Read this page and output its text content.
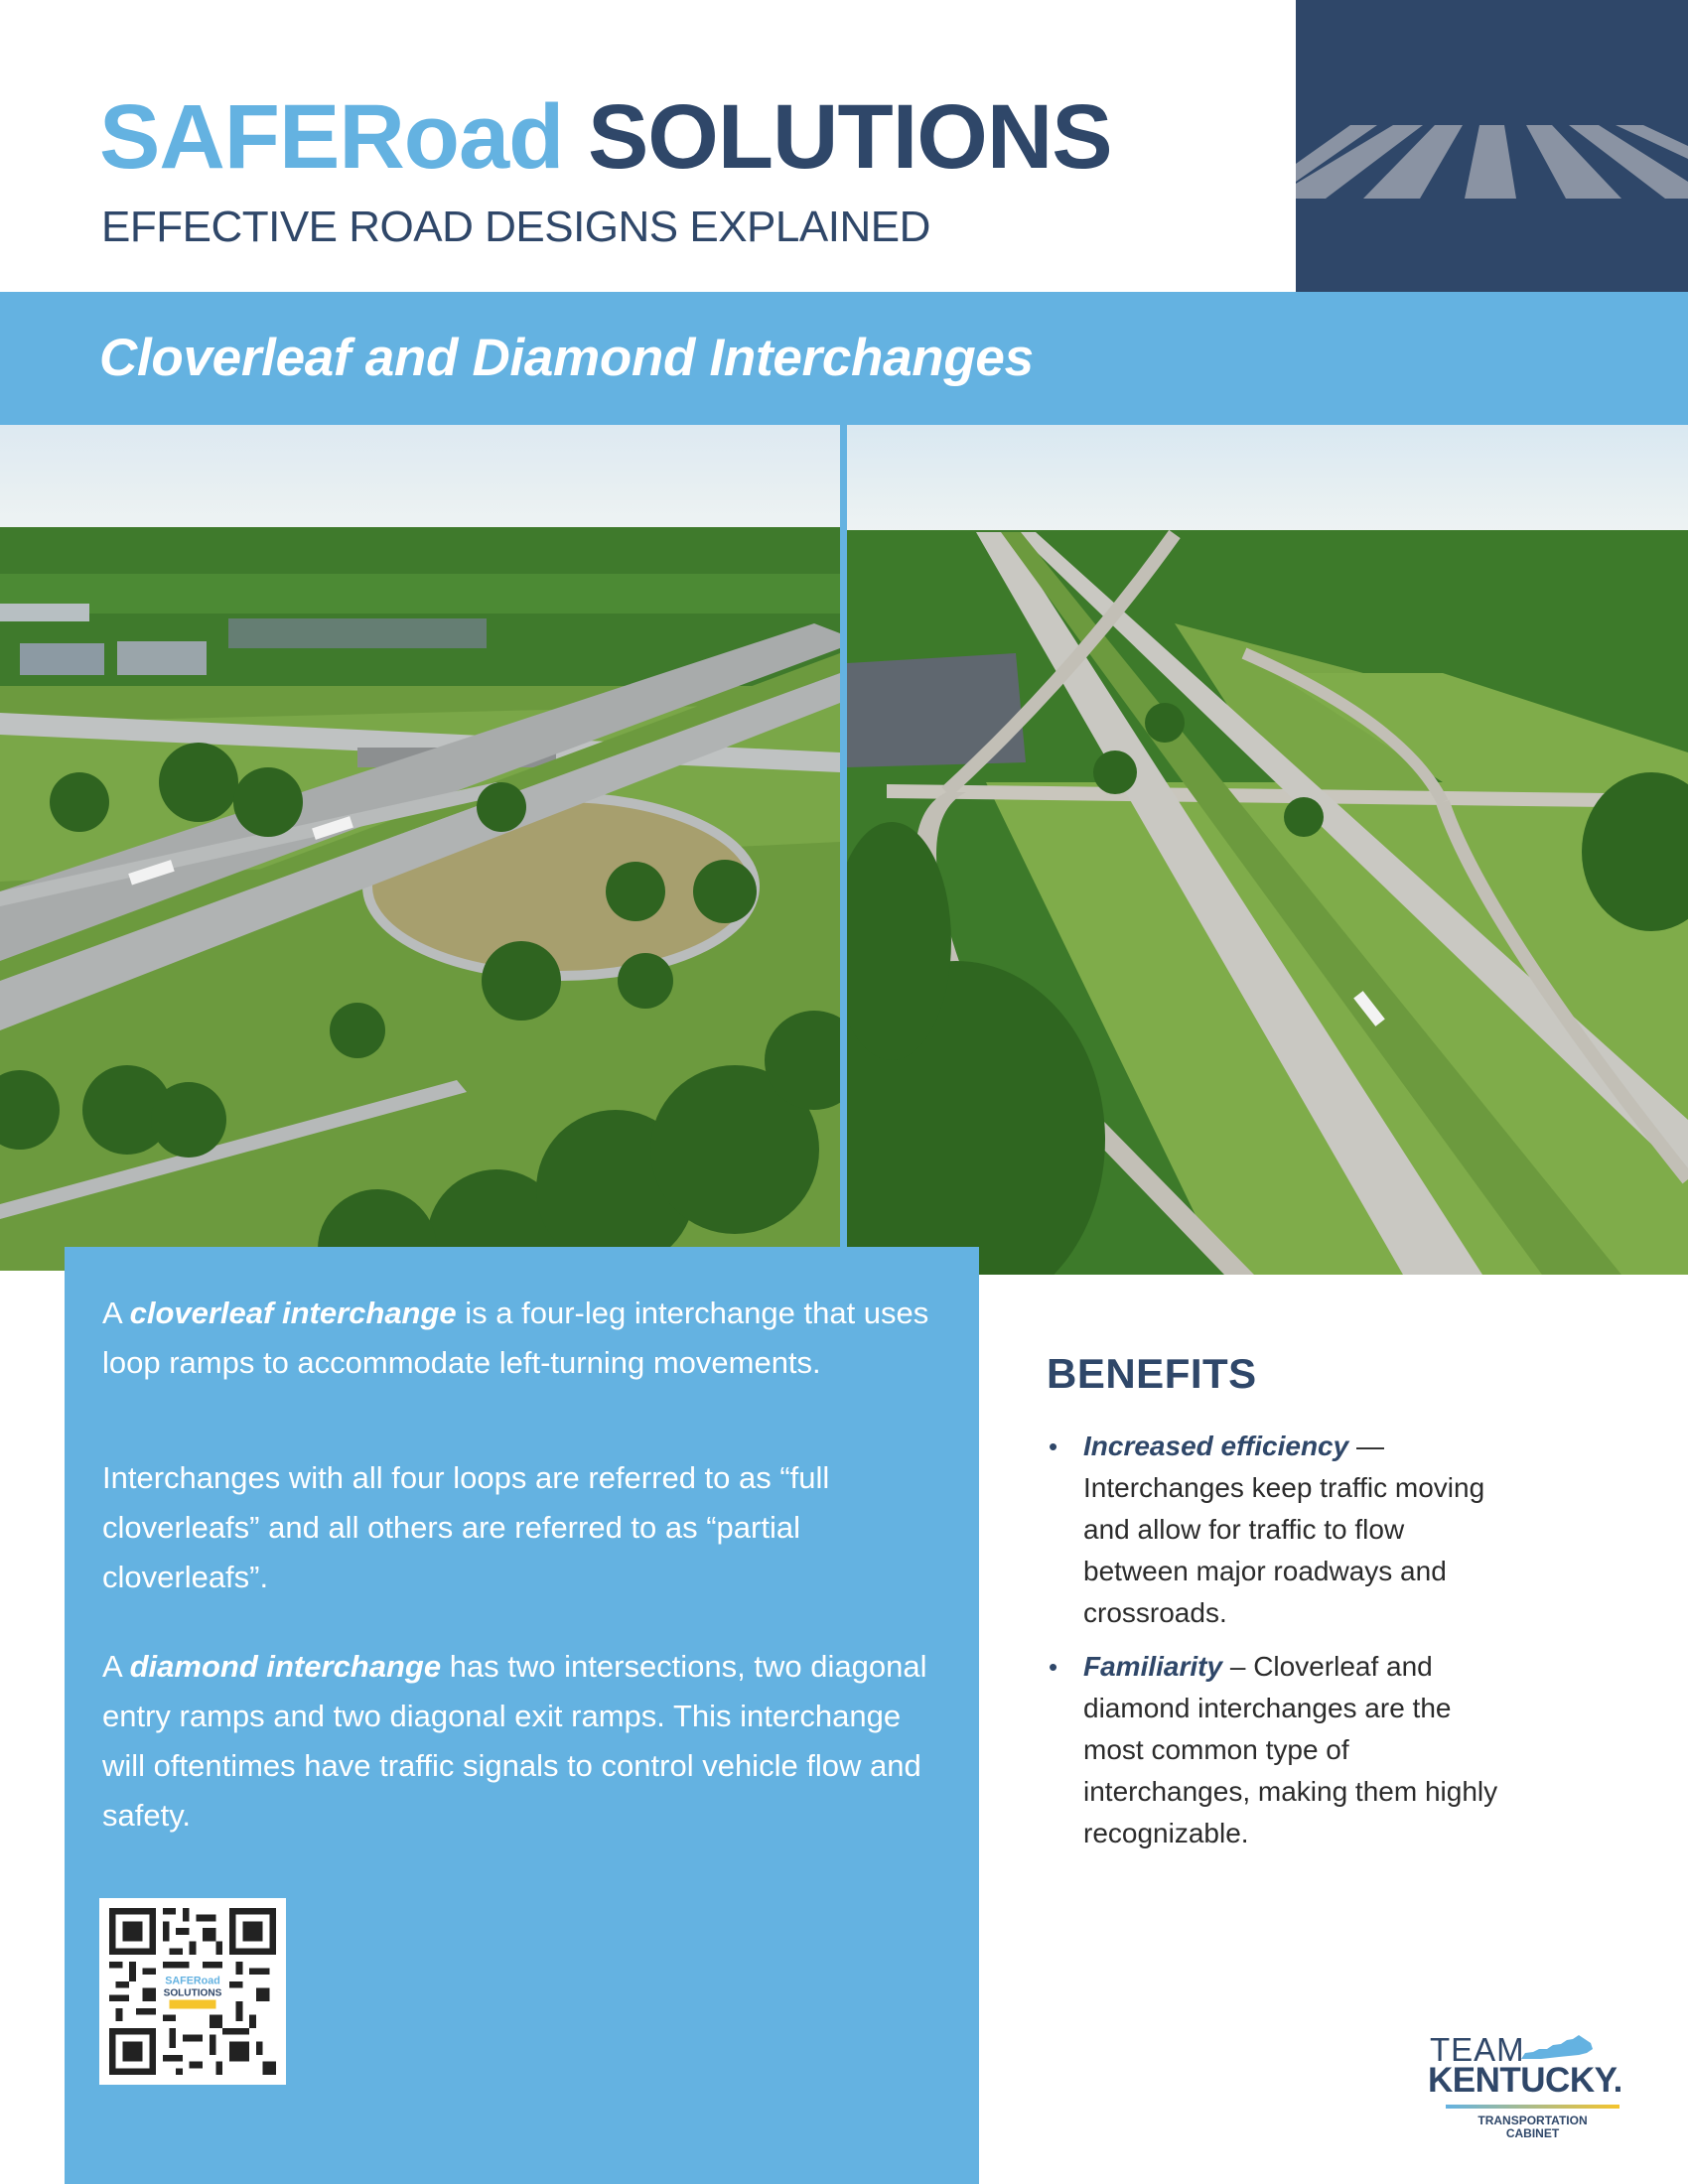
SAFERoad SOLUTIONS
EFFECTIVE ROAD DESIGNS EXPLAINED
Cloverleaf and Diamond Interchanges

A cloverleaf interchange is a four-leg interchange that uses loop ramps to accommodate left-turning movements.

Interchanges with all four loops are referred to as “full cloverleafs” and all others are referred to as “partial cloverleafs”.

A diamond interchange has two intersections, two diagonal entry ramps and two diagonal exit ramps. This interchange will oftentimes have traffic signals to control vehicle flow and safety.

SAFERoad
SOLUTIONS
BENEFITS
• Increased efficiency —
Interchanges keep traffic moving and allow for traffic to flow between major roadways and crossroads.
• Familiarity – Cloverleaf and diamond interchanges are the most common type of interchanges, making them highly recognizable.
TEAM
KENTUCKY.
TRANSPORTATION
CABINET
